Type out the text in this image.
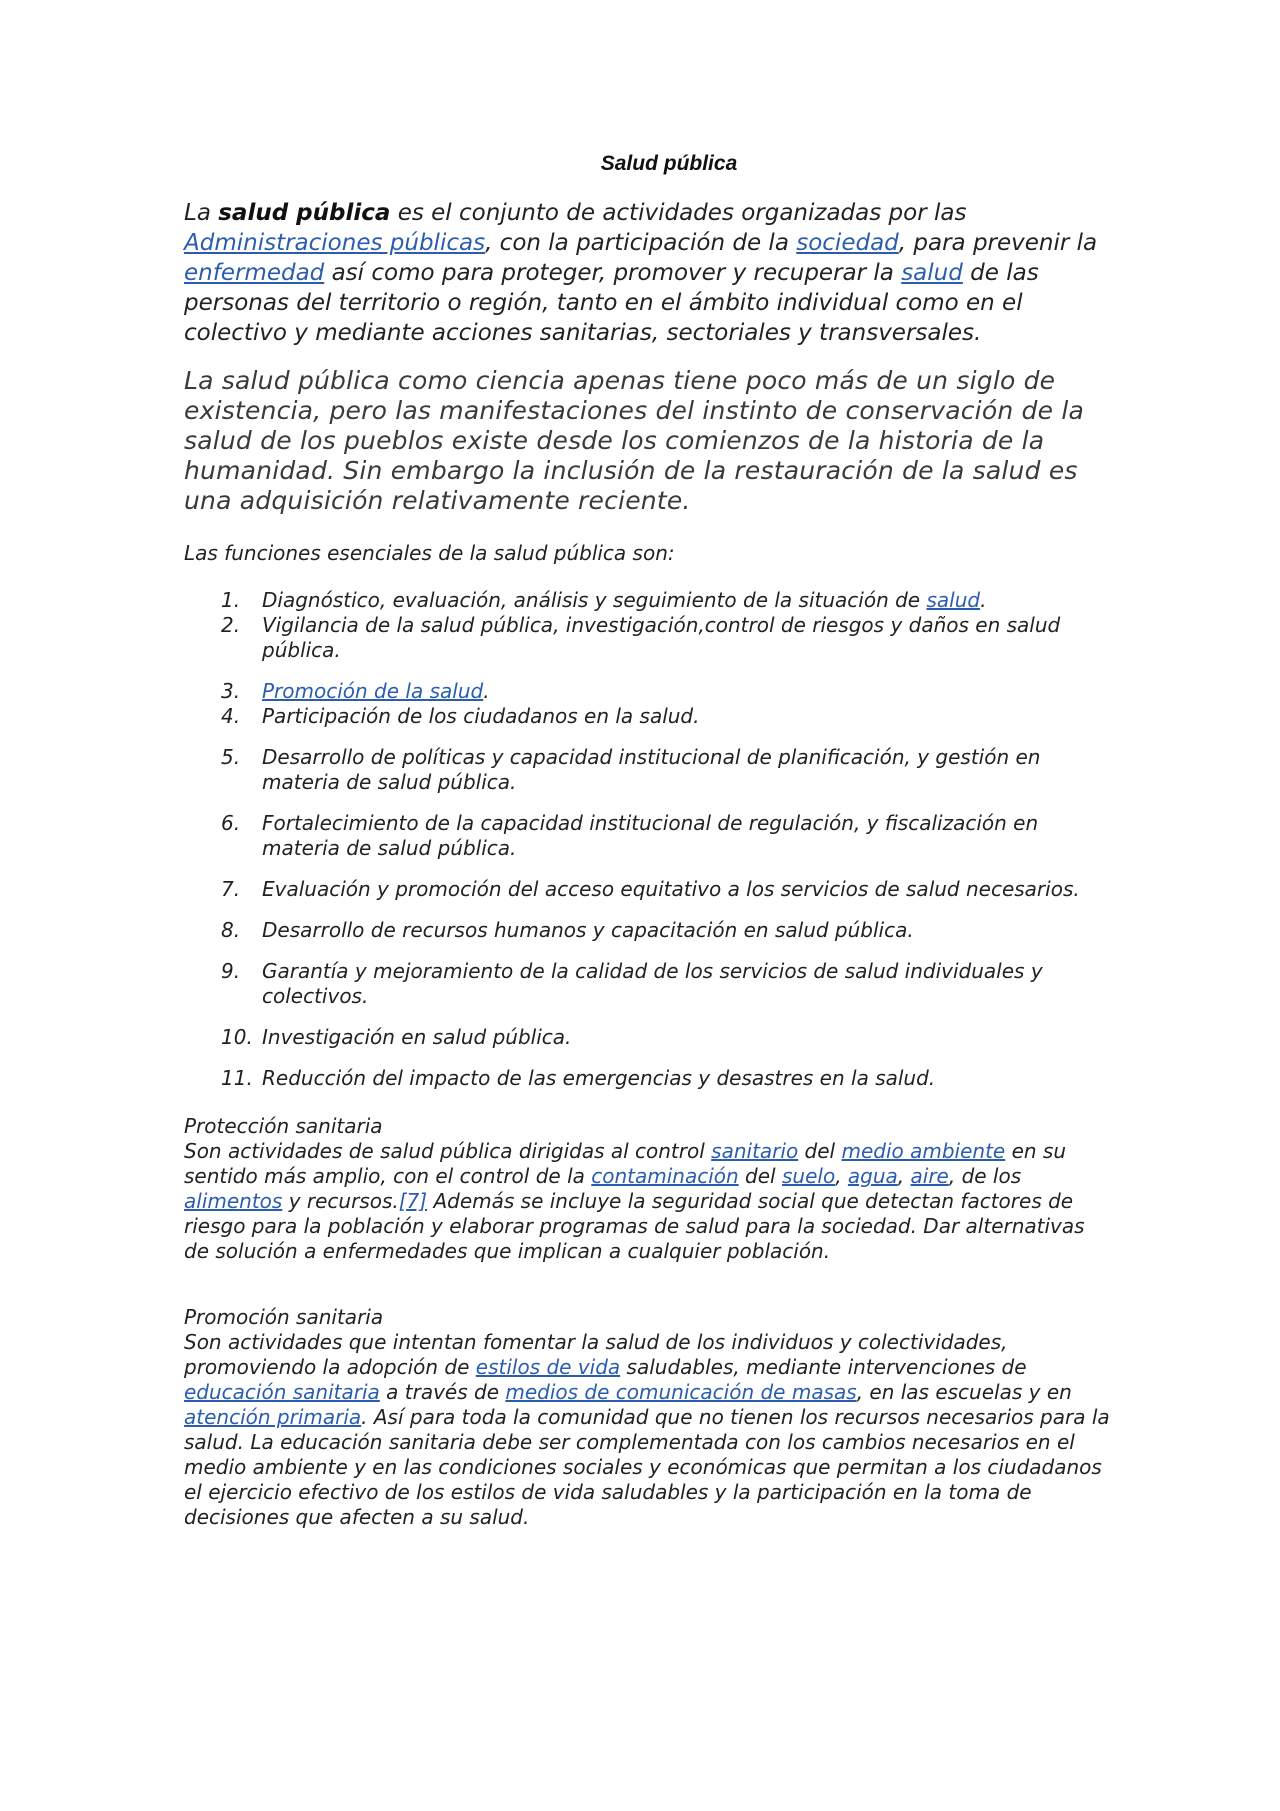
Salud pública

La salud pública es el conjunto de actividades organizadas por las Administraciones públicas, con la participación de la sociedad, para prevenir la enfermedad así como para proteger, promover y recuperar la salud de las personas del territorio o región, tanto en el ámbito individual como en el colectivo y mediante acciones sanitarias, sectoriales y transversales.

La salud pública como ciencia apenas tiene poco más de un siglo de existencia, pero las manifestaciones del instinto de conservación de la salud de los pueblos existe desde los comienzos de la historia de la humanidad. Sin embargo la inclusión de la restauración de la salud es una adquisición relativamente reciente.

Las funciones esenciales de la salud pública son:

1.	Diagnóstico, evaluación, análisis y seguimiento de la situación de salud.
2.	Vigilancia de la salud pública, investigación,control de riesgos y daños en salud pública.
3.	Promoción de la salud.
4.	Participación de los ciudadanos en la salud.
5.	Desarrollo de políticas y capacidad institucional de planificación, y gestión en materia de salud pública.
6.	Fortalecimiento de la capacidad institucional de regulación, y fiscalización en materia de salud pública.
7.	Evaluación y promoción del acceso equitativo a los servicios de salud necesarios.
8.	Desarrollo de recursos humanos y capacitación en salud pública.
9.	Garantía y mejoramiento de la calidad de los servicios de salud individuales y colectivos.
10. Investigación en salud pública.
11. Reducción del impacto de las emergencias y desastres en la salud.

Protección sanitaria

Son actividades de salud pública dirigidas al control sanitario del medio ambiente en su sentido más amplio, con el control de la contaminación del suelo, agua, aire, de los alimentos y recursos.[7] Además se incluye la seguridad social que detectan factores de riesgo para la población y elaborar programas de salud para la sociedad. Dar alternativas de solución a enfermedades que implican a cualquier población.

Promoción sanitaria

Son actividades que intentan fomentar la salud de los individuos y colectividades, promoviendo la adopción de estilos de vida saludables, mediante intervenciones de educación sanitaria a través de medios de comunicación de masas, en las escuelas y en atención primaria. Así para toda la comunidad que no tienen los recursos necesarios para la salud. La educación sanitaria debe ser complementada con los cambios necesarios en el medio ambiente y en las condiciones sociales y económicas que permitan a los ciudadanos el ejercicio efectivo de los estilos de vida saludables y la participación en la toma de decisiones que afecten a su salud.
